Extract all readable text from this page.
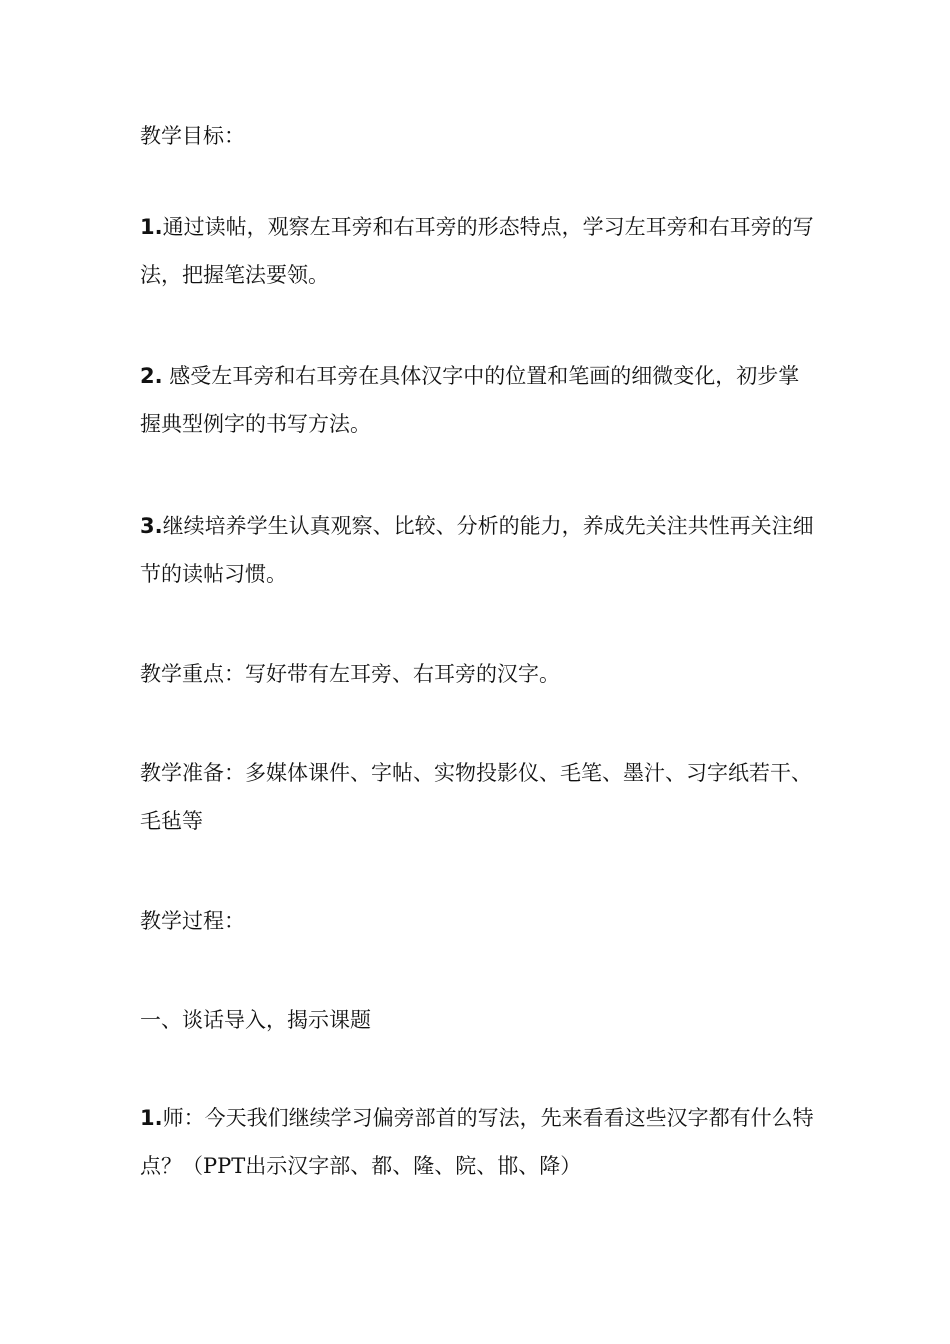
教学目标：

1.通过读帖，观察左耳旁和右耳旁的形态特点，学习左耳旁和右耳旁的写法，把握笔法要领。

2. 感受左耳旁和右耳旁在具体汉字中的位置和笔画的细微变化，初步掌握典型例字的书写方法。

3.继续培养学生认真观察、比较、分析的能力，养成先关注共性再关注细节的读帖习惯。

教学重点：写好带有左耳旁、右耳旁的汉字。

教学准备：多媒体课件、字帖、实物投影仪、毛笔、墨汁、习字纸若干、毛毡等

教学过程：

一、谈话导入，揭示课题

1.师：今天我们继续学习偏旁部首的写法，先来看看这些汉字都有什么特点？（PPT出示汉字部、都、隆、院、邯、降）
